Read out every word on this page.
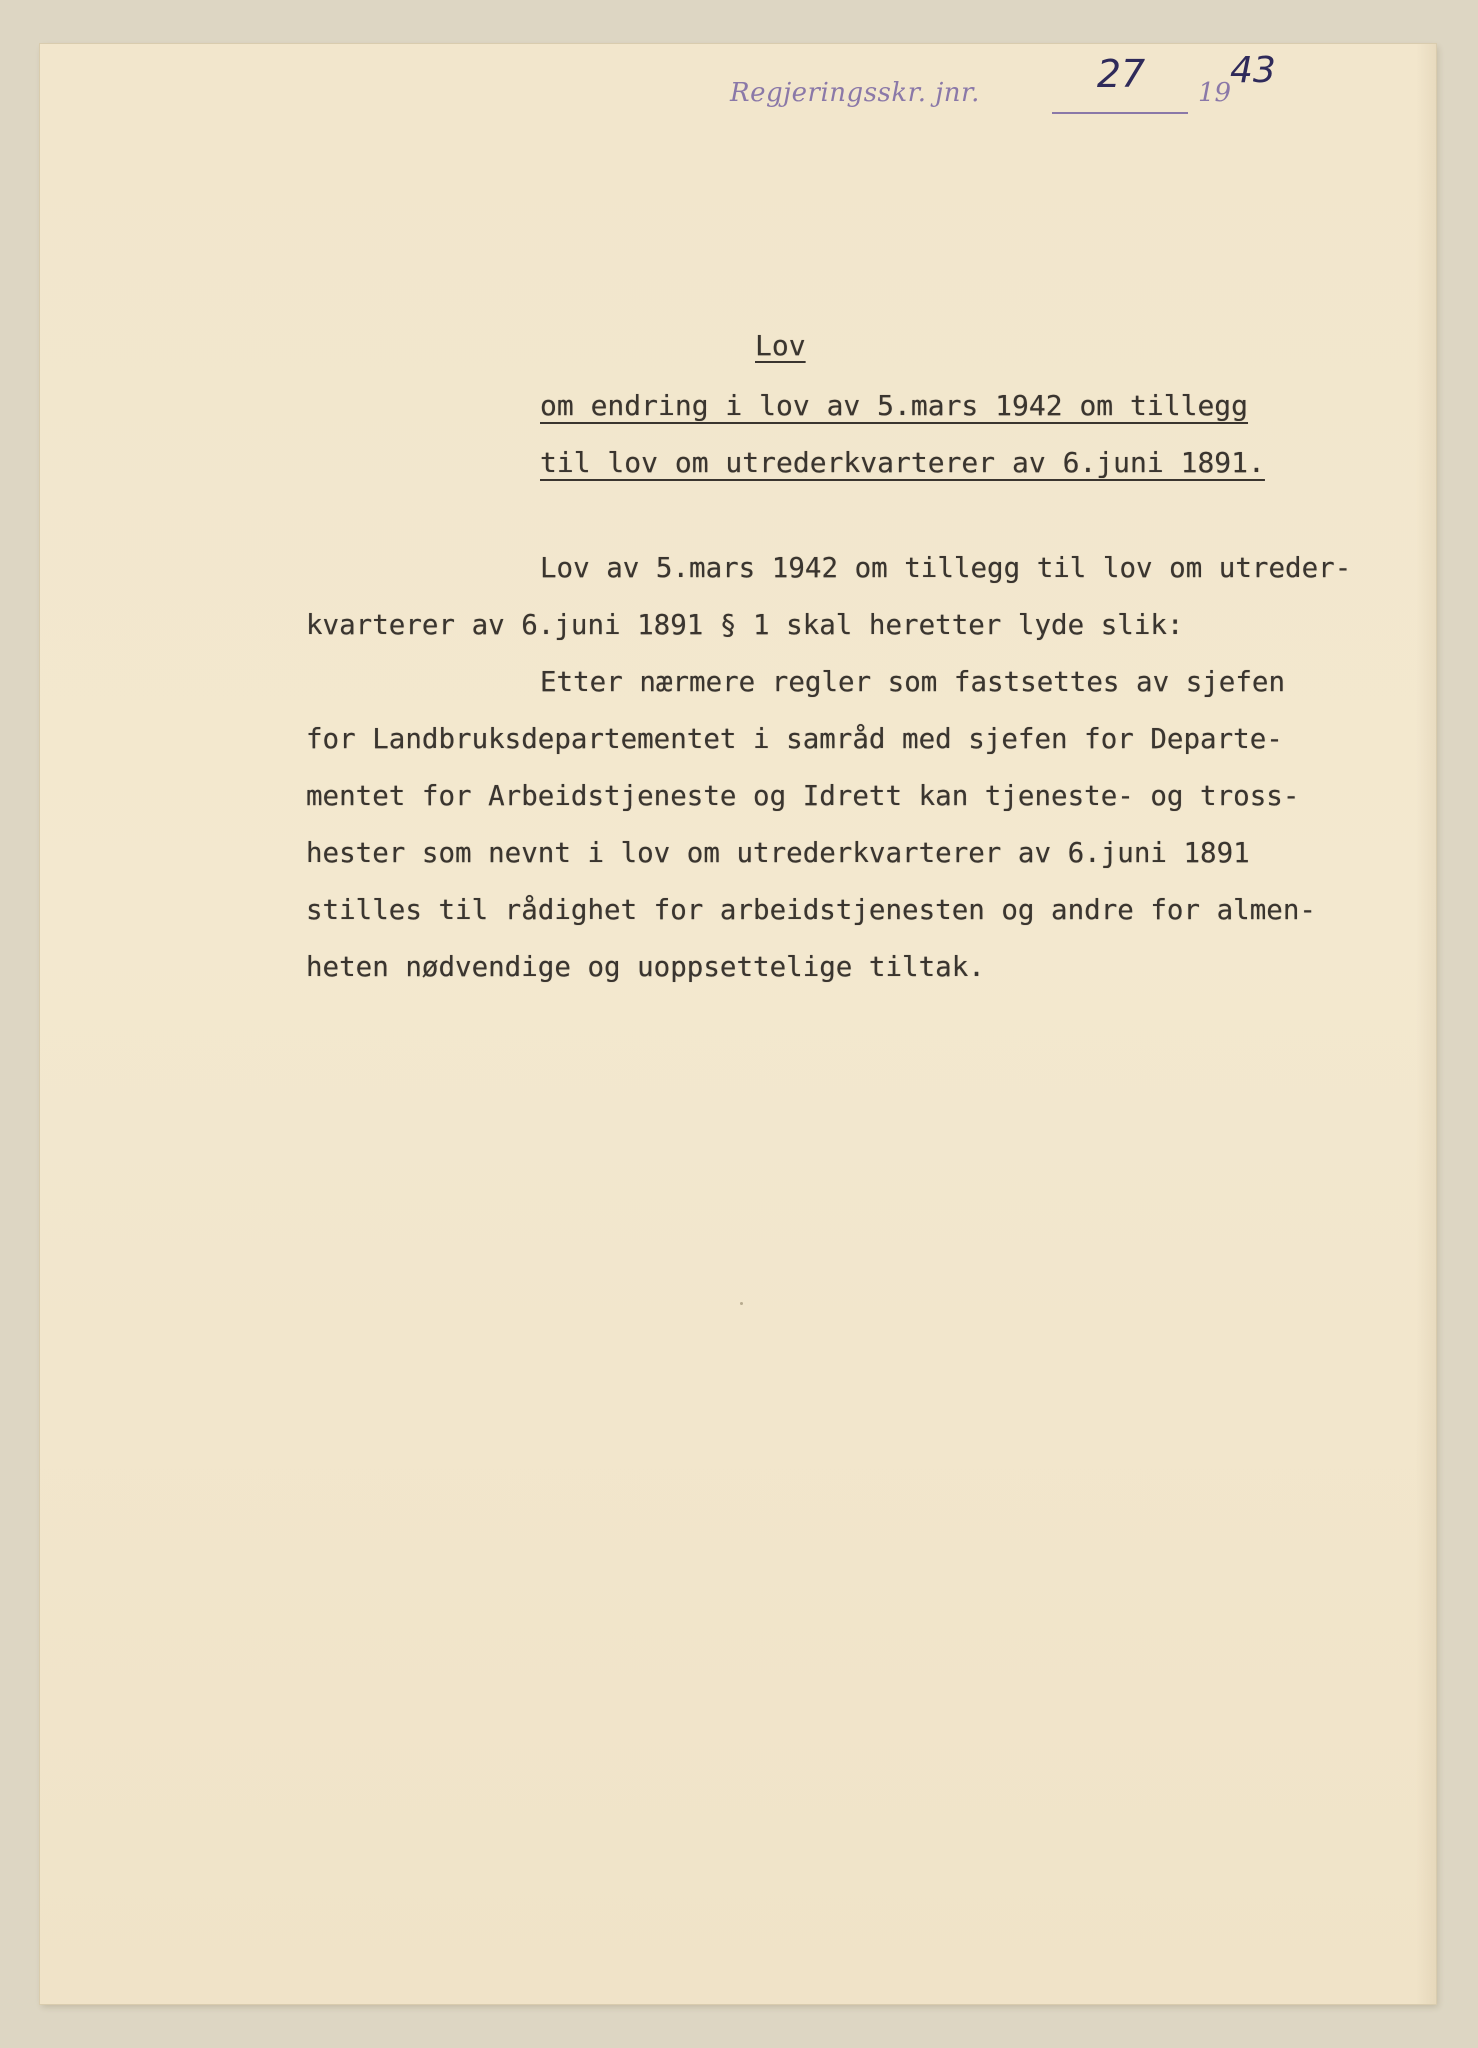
Regjeringsskr. jnr.	27	19
43
Lov
om endring i lov av 5.mars 1942 om tillegg
til lov om utrederkvarterer av 6.juni 1891.
Lov av 5.mars 1942 om tillegg til lov om utreder-
kvarterer av 6.juni 1891 § 1 skal heretter lyde slik:
Etter nærmere regler som fastsettes av sjefen
for Landbruksdepartementet i samråd med sjefen for Departe-
mentet for Arbeidstjeneste og Idrett kan tjeneste- og tross-
hester som nevnt i lov om utrederkvarterer av 6.juni 1891
stilles til rådighet for arbeidstjenesten og andre for almen-
heten nødvendige og uoppsettelige tiltak.
